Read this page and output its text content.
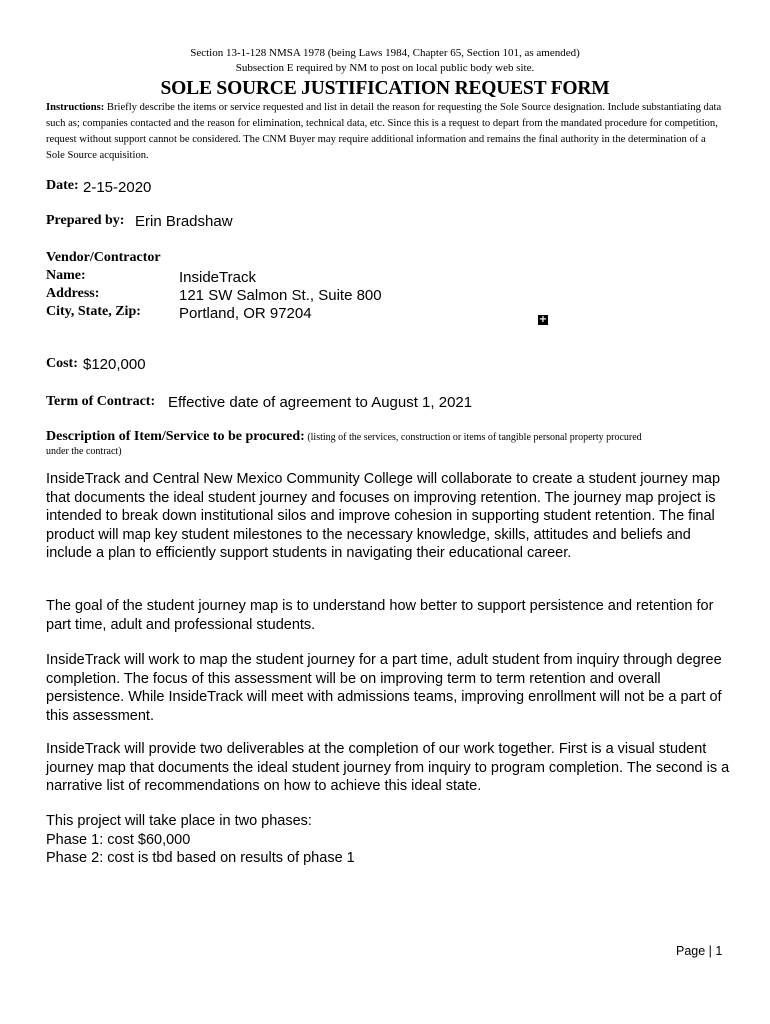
Section 13-1-128 NMSA 1978 (being Laws 1984, Chapter 65, Section 101, as amended)
Subsection E required by NM to post on local public body web site.
SOLE SOURCE JUSTIFICATION REQUEST FORM
Instructions: Briefly describe the items or service requested and list in detail the reason for requesting the Sole Source designation. Include substantiating data such as; companies contacted and the reason for elimination, technical data, etc. Since this is a request to depart from the mandated procedure for competition, request without support cannot be considered. The CNM Buyer may require additional information and remains the final authority in the determination of a Sole Source acquisition.
Date: 2-15-2020
Prepared by: Erin Bradshaw
Vendor/Contractor
Name:	InsideTrack
Address:	121 SW Salmon St., Suite 800
City, State, Zip:	Portland, OR 97204	+
Cost: $120,000
Term of Contract: Effective date of agreement to August 1, 2021
Description of Item/Service to be procured: (listing of the services, construction or items of tangible personal property procured
under the contract)

InsideTrack and Central New Mexico Community College will collaborate to create a student journey map that documents the ideal student journey and focuses on improving retention. The journey map project is intended to break down institutional silos and improve cohesion in supporting student retention. The final product will map key student milestones to the necessary knowledge, skills, attitudes and beliefs and include a plan to efficiently support students in navigating their educational career.

The goal of the student journey map is to understand how better to support persistence and retention for part time, adult and professional students.

InsideTrack will work to map the student journey for a part time, adult student from inquiry through degree completion. The focus of this assessment will be on improving term to term retention and overall persistence. While InsideTrack will meet with admissions teams, improving enrollment will not be a part of this assessment.

InsideTrack will provide two deliverables at the completion of our work together. First is a visual student journey map that documents the ideal student journey from inquiry to program completion. The second is a narrative list of recommendations on how to achieve this ideal state.

This project will take place in two phases:

Phase 1: cost $60,000

Phase 2: cost is tbd based on results of phase 1

Page | 1
